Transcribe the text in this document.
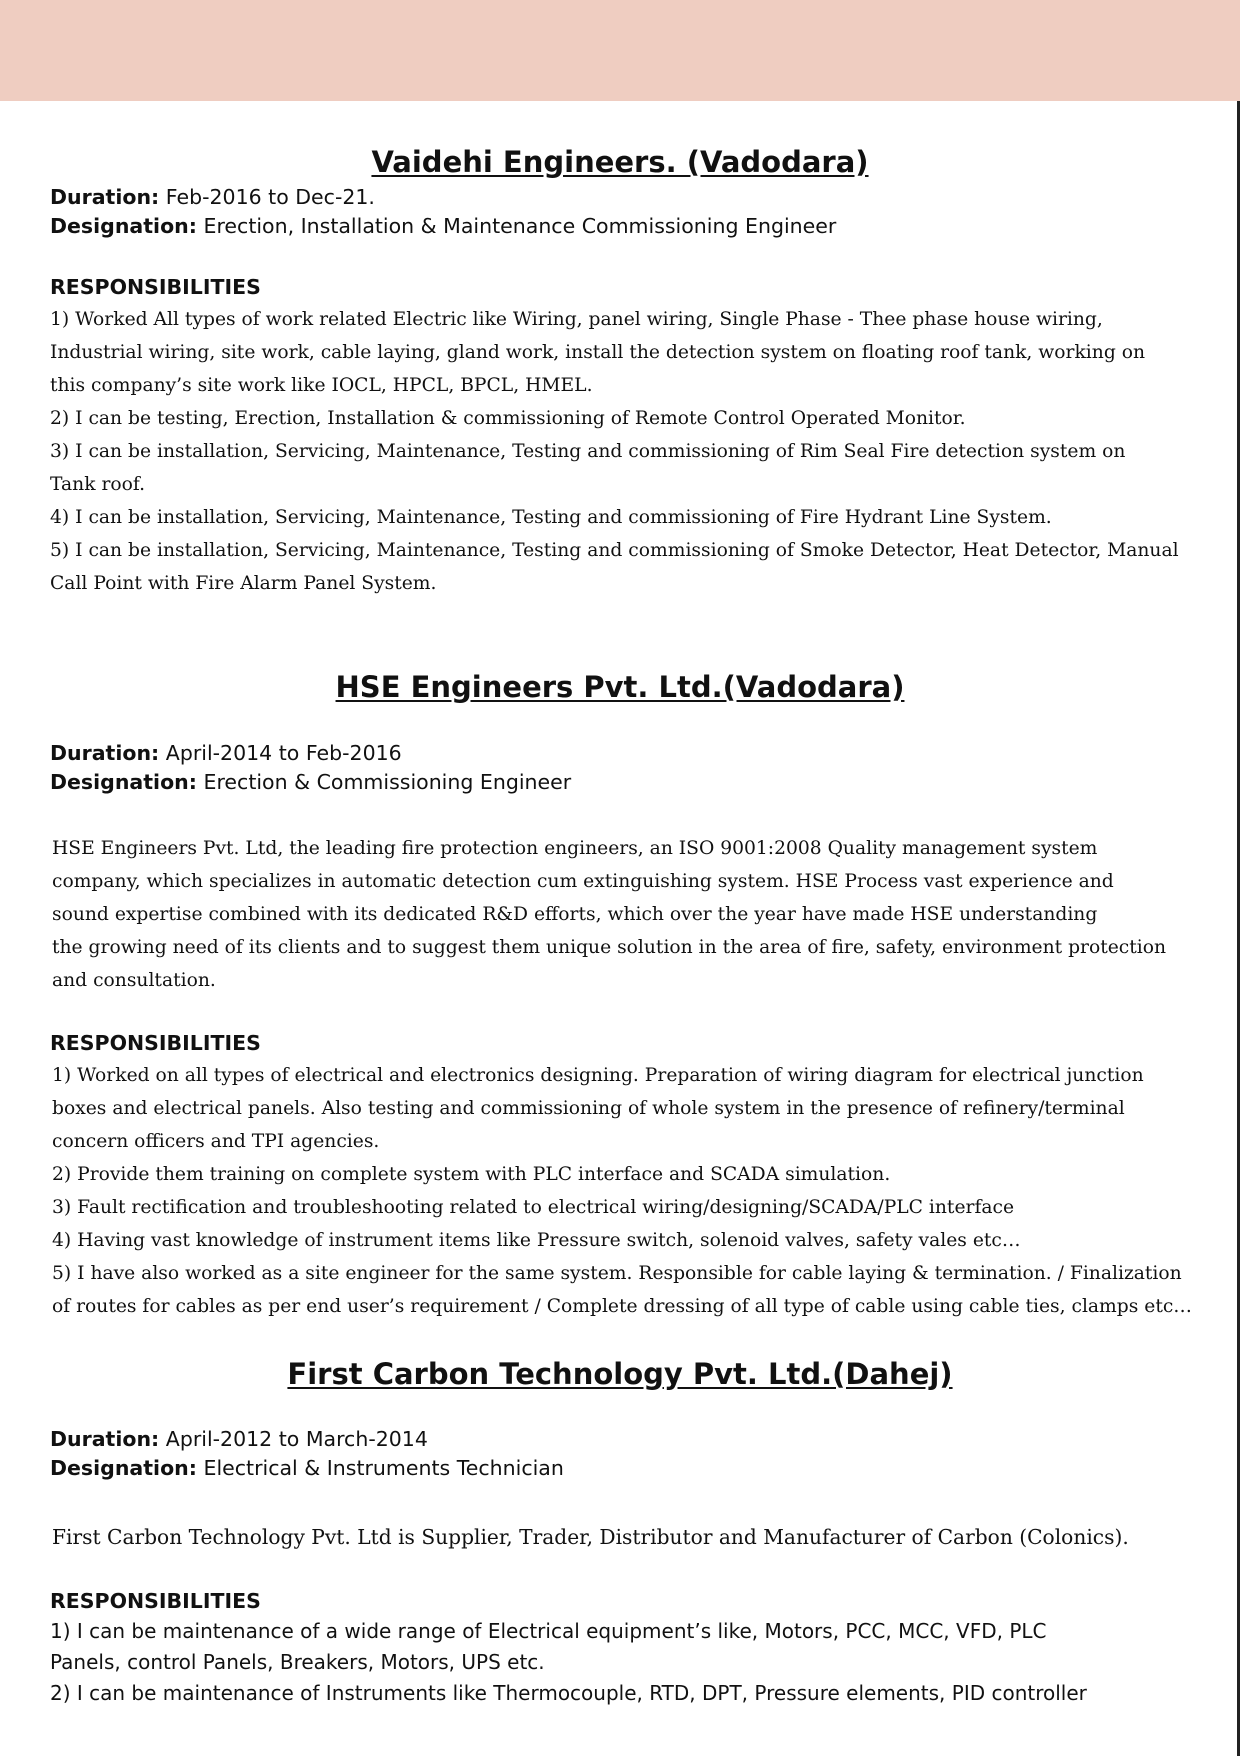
Vaidehi Engineers. (Vadodara)
Duration: Feb-2016 to Dec-21.
Designation: Erection, Installation & Maintenance Commissioning Engineer
RESPONSIBILITIES
1) Worked All types of work related Electric like Wiring, panel wiring, Single Phase - Thee phase house wiring,
Industrial wiring, site work, cable laying, gland work, install the detection system on floating roof tank, working on
this company’s site work like IOCL, HPCL, BPCL, HMEL.
2) I can be testing, Erection, Installation & commissioning of Remote Control Operated Monitor.
3) I can be installation, Servicing, Maintenance, Testing and commissioning of Rim Seal Fire detection system on
Tank roof.
4) I can be installation, Servicing, Maintenance, Testing and commissioning of Fire Hydrant Line System.
5) I can be installation, Servicing, Maintenance, Testing and commissioning of Smoke Detector, Heat Detector, Manual
Call Point with Fire Alarm Panel System.
HSE Engineers Pvt. Ltd.(Vadodara)
Duration: April-2014 to Feb-2016
Designation: Erection & Commissioning Engineer
HSE Engineers Pvt. Ltd, the leading fire protection engineers, an ISO 9001:2008 Quality management system
company, which specializes in automatic detection cum extinguishing system. HSE Process vast experience and
sound expertise combined with its dedicated R&D efforts, which over the year have made HSE understanding
the growing need of its clients and to suggest them unique solution in the area of fire, safety, environment protection
and consultation.
RESPONSIBILITIES
1) Worked on all types of electrical and electronics designing. Preparation of wiring diagram for electrical junction
boxes and electrical panels. Also testing and commissioning of whole system in the presence of refinery/terminal
concern officers and TPI agencies.
2) Provide them training on complete system with PLC interface and SCADA simulation.
3) Fault rectification and troubleshooting related to electrical wiring/designing/SCADA/PLC interface
4) Having vast knowledge of instrument items like Pressure switch, solenoid valves, safety vales etc…
5) I have also worked as a site engineer for the same system. Responsible for cable laying & termination. / Finalization
of routes for cables as per end user’s requirement / Complete dressing of all type of cable using cable ties, clamps etc…
First Carbon Technology Pvt. Ltd.(Dahej)
Duration: April-2012 to March-2014
Designation: Electrical & Instruments Technician
First Carbon Technology Pvt. Ltd is Supplier, Trader, Distributor and Manufacturer of Carbon (Colonics).
RESPONSIBILITIES
1) I can be maintenance of a wide range of Electrical equipment’s like, Motors, PCC, MCC, VFD, PLC
Panels, control Panels, Breakers, Motors, UPS etc.
2) I can be maintenance of Instruments like Thermocouple, RTD, DPT, Pressure elements, PID controller
